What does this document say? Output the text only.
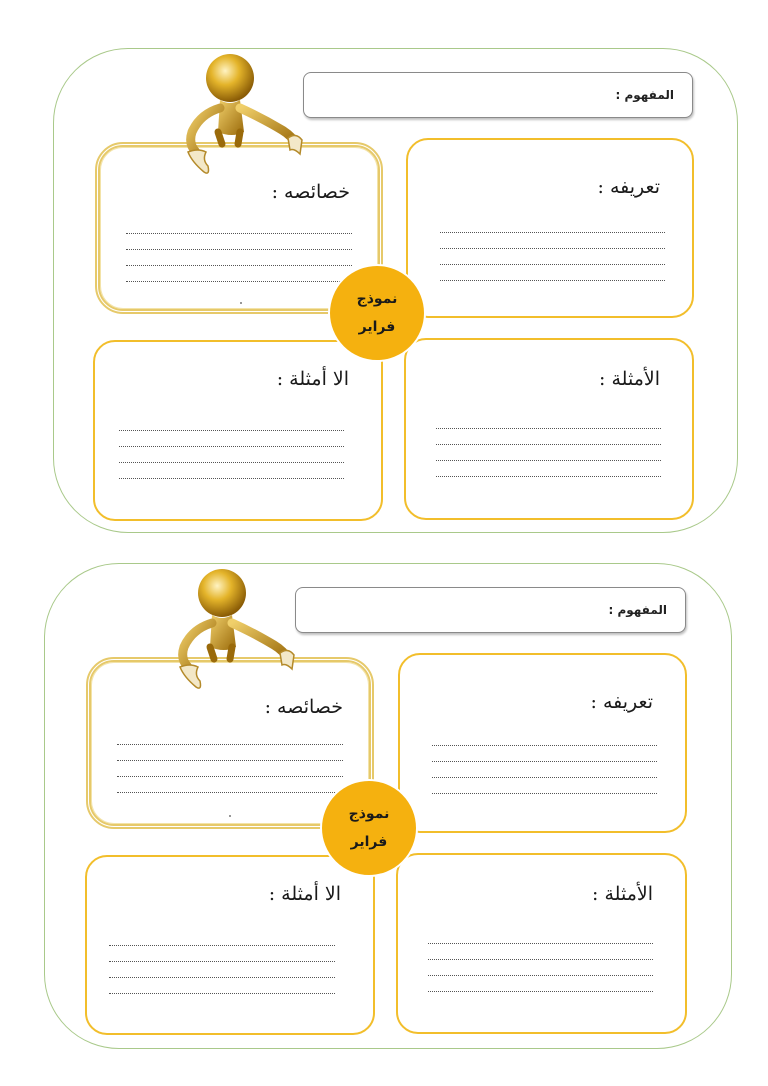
المفهوم :
خصائصه :	تعريفه :
الا أمثلة :	الأمثلة :
نموذج
فراير
المفهوم :
خصائصه :	تعريفه :
الا أمثلة :	الأمثلة :
نموذج
فراير
